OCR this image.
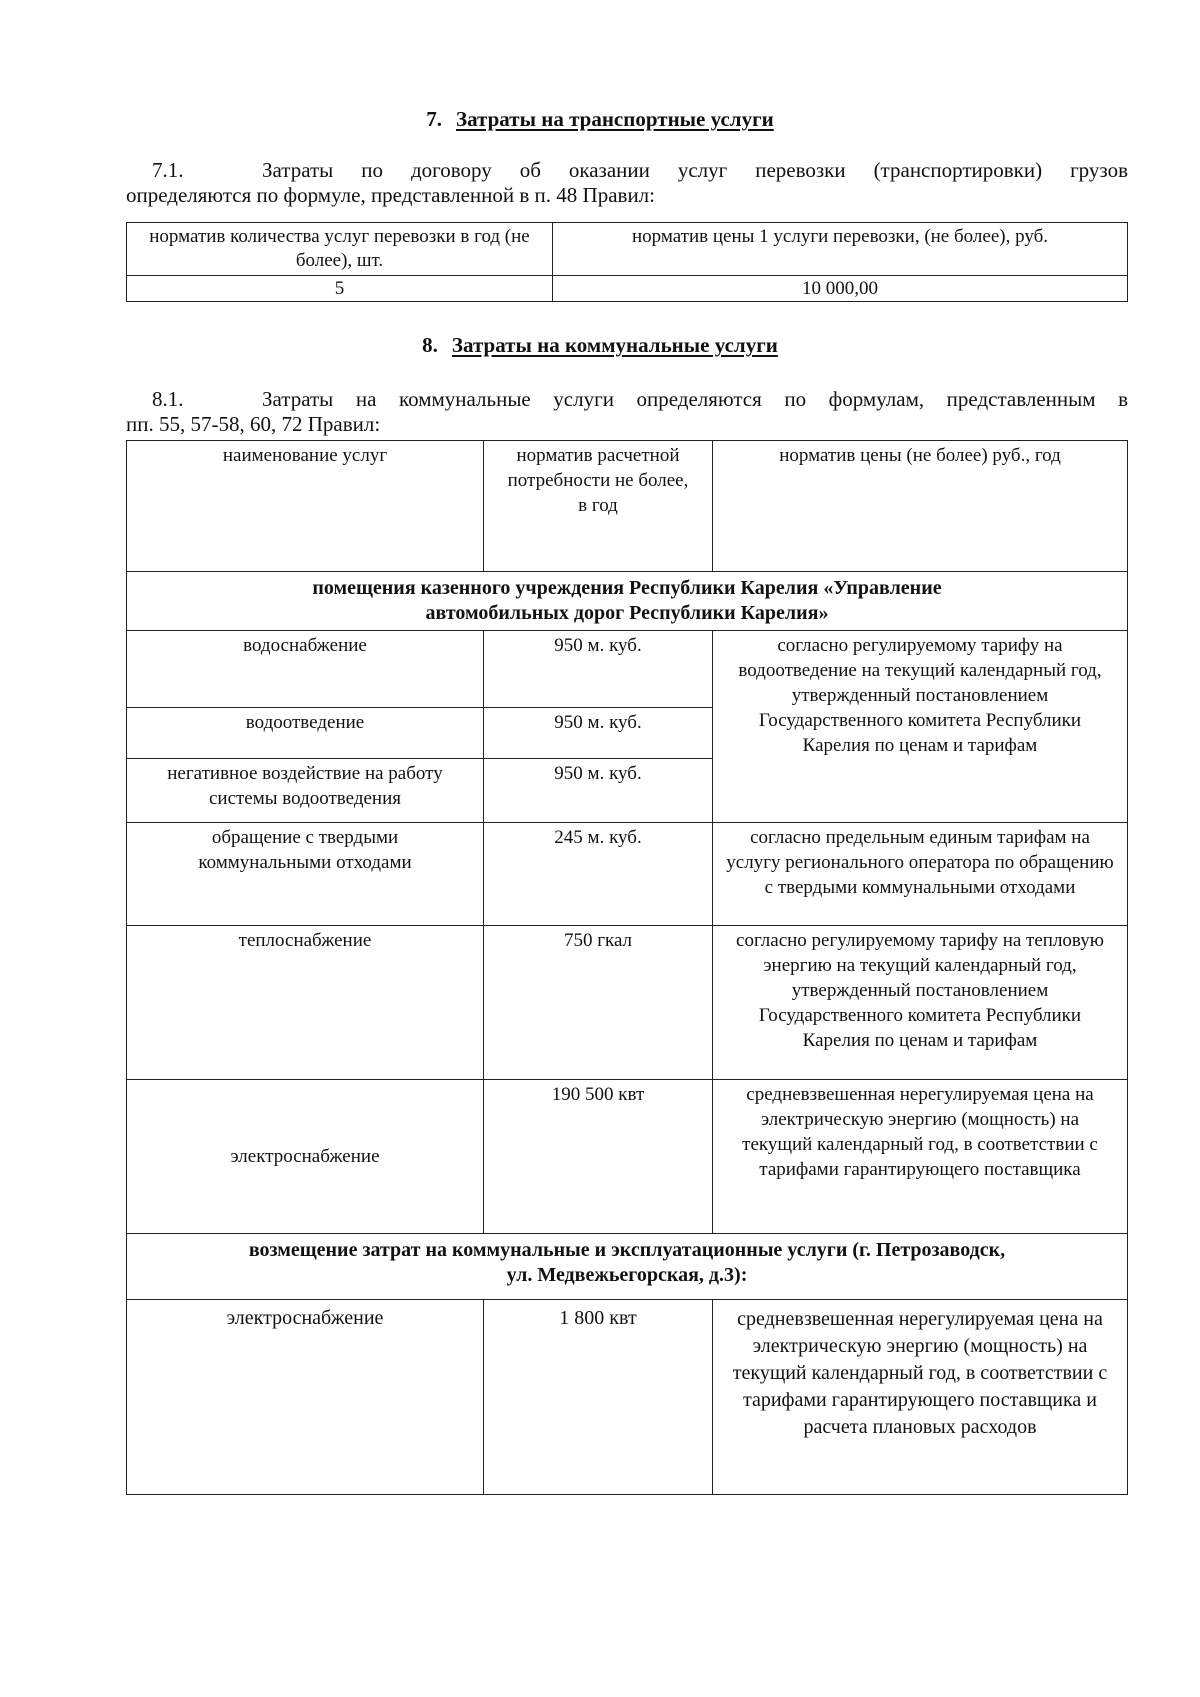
7. Затраты на транспортные услуги
7.1.	Затраты по договору об оказании услуг перевозки (транспортировки) грузов
определяются по формуле, представленной в п. 48 Правил:
норматив количества услуг перевозки в год (не более), шт.	норматив цены 1 услуги перевозки, (не более), руб.
5	10 000,00
8. Затраты на коммунальные услуги
8.1.	Затраты на коммунальные услуги определяются по формулам, представленным в
пп. 55, 57-58, 60, 72 Правил:
наименование услуг	норматив расчетной потребности не более, в год	норматив цены (не более) руб., год
помещения казенного учреждения Республики Карелия «Управление автомобильных дорог Республики Карелия»		
водоснабжение	950 м. куб.	согласно регулируемому тарифу на водоотведение на текущий календарный год, утвержденный постановлением Государственного комитета Республики Карелия по ценам и тарифам
водоотведение	950 м. куб.	
негативное воздействие на работу системы водоотведения	950 м. куб.	
обращение с твердыми коммунальными отходами	245 м. куб.	согласно предельным единым тарифам на услугу регионального оператора по обращению с твердыми коммунальными отходами
теплоснабжение	750 гкал	согласно регулируемому тарифу на тепловую энергию на текущий календарный год, утвержденный постановлением Государственного комитета Республики Карелия по ценам и тарифам
электроснабжение	190 500 квт	средневзвешенная нерегулируемая цена на электрическую энергию (мощность) на текущий календарный год, в соответствии с тарифами гарантирующего поставщика
возмещение затрат на коммунальные и эксплуатационные услуги (г. Петрозаводск, ул. Медвежьегорская, д.3):		
электроснабжение	1 800 квт	средневзвешенная нерегулируемая цена на электрическую энергию (мощность) на текущий календарный год, в соответствии с тарифами гарантирующего поставщика и расчета плановых расходов
